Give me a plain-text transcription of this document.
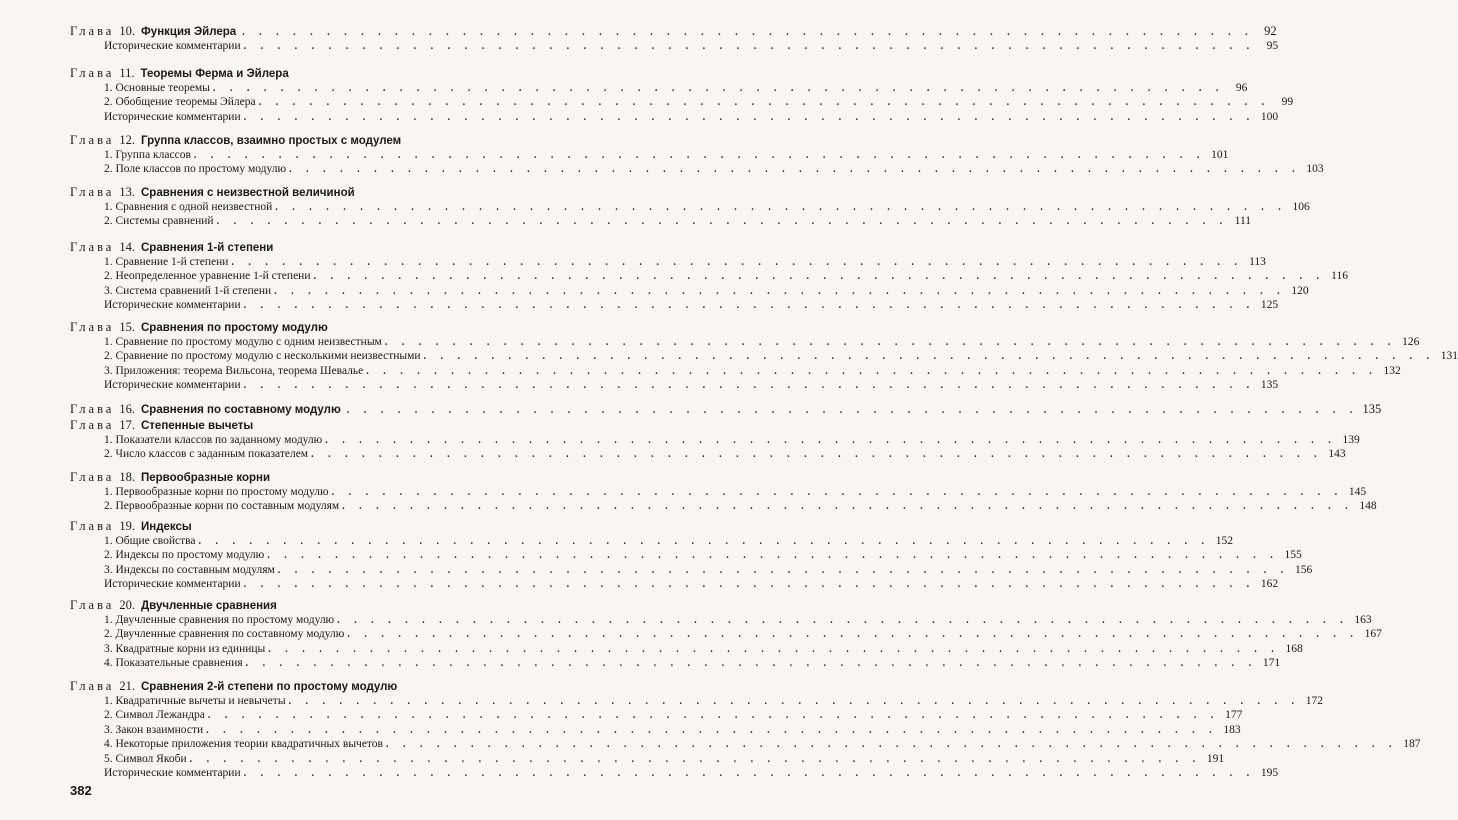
Глава 10. Функция Эйлера . . .	92
Исторические комментарии . . .	95
Глава 11. Теоремы Ферма и Эйлера
1. Основные теоремы . . .	96
2. Обобщение теоремы Эйлера . . .	99
Исторические комментарии . . .	100
Глава 12. Группа классов, взаимно простых с модулем
1. Группа классов . . .	101
2. Поле классов по простому модулю . . .	103
Глава 13. Сравнения с неизвестной величиной
1. Сравнения с одной неизвестной . . .	106
2. Системы сравнений . . .	111
Глава 14. Сравнения 1-й степени
1. Сравнение 1-й степени . . .	113
2. Неопределенное уравнение 1-й степени . . .	116
3. Система сравнений 1-й степени . . .	120
Исторические комментарии . . .	125
Глава 15. Сравнения по простому модулю
1. Сравнение по простому модулю с одним неизвестным . . .	126
2. Сравнение по простому модулю с несколькими неизвестными . . .	131
3. Приложения: теорема Вильсона, теорема Шевалье . . .	132
Исторические комментарии . . .	135
Глава 16. Сравнения по составному модулю . . .	135
Глава 17. Степенные вычеты
1. Показатели классов по заданному модулю . . .	139
2. Число классов с заданным показателем . . .	143
Глава 18. Первообразные корни
1. Первообразные корни по простому модулю . . .	145
2. Первообразные корни по составным модулям . . .	148
Глава 19. Индексы
1. Общие свойства . . .	152
2. Индексы по простому модулю . . .	155
3. Индексы по составным модулям . . .	156
Исторические комментарии . . .	162
Глава 20. Двучленные сравнения
1. Двучленные сравнения по простому модулю . . .	163
2. Двучленные сравнения по составному модулю . . .	167
3. Квадратные корни из единицы . . .	168
4. Показательные сравнения . . .	171
Глава 21. Сравнения 2-й степени по простому модулю
1. Квадратичные вычеты и невычеты . . .	172
2. Символ Лежандра . . .	177
3. Закон взаимности . . .	183
4. Некоторые приложения теории квадратичных вычетов . . .	187
5. Символ Якоби . . .	191
Исторические комментарии . . .	195
382
